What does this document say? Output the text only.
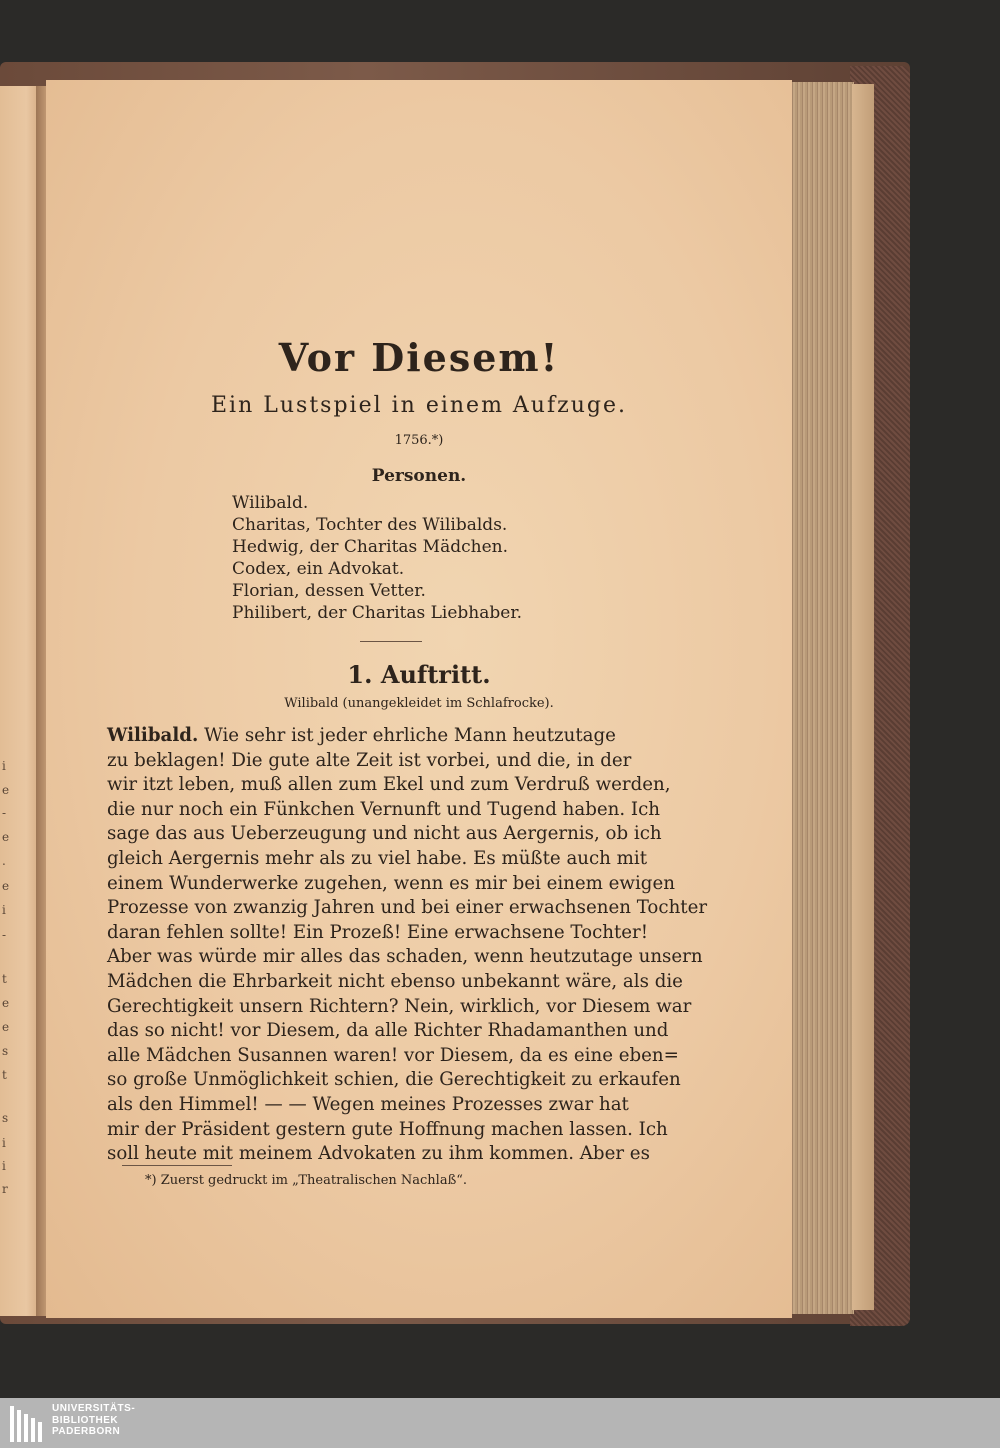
i
e
-
e
.
e
i
-
t
e
e
s
t
s
i
i
r
Vor Diesem!
Ein Lustspiel in einem Aufzuge.
1756.*)
Personen.
Wilibald.
Charitas, Tochter des Wilibalds.
Hedwig, der Charitas Mädchen.
Codex, ein Advokat.
Florian, dessen Vetter.
Philibert, der Charitas Liebhaber.
1. Auftritt.
Wilibald (unangekleidet im Schlafrocke).
Wilibald. Wie sehr ist jeder ehrliche Mann heutzutage
zu beklagen! Die gute alte Zeit ist vorbei, und die, in der
wir itzt leben, muß allen zum Ekel und zum Verdruß werden,
die nur noch ein Fünkchen Vernunft und Tugend haben. Ich
sage das aus Ueberzeugung und nicht aus Aergernis, ob ich
gleich Aergernis mehr als zu viel habe. Es müßte auch mit
einem Wunderwerke zugehen, wenn es mir bei einem ewigen
Prozesse von zwanzig Jahren und bei einer erwachsenen Tochter
daran fehlen sollte! Ein Prozeß! Eine erwachsene Tochter!
Aber was würde mir alles das schaden, wenn heutzutage unsern
Mädchen die Ehrbarkeit nicht ebenso unbekannt wäre, als die
Gerechtigkeit unsern Richtern? Nein, wirklich, vor Diesem war
das so nicht! vor Diesem, da alle Richter Rhadamanthen und
alle Mädchen Susannen waren! vor Diesem, da es eine eben=
so große Unmöglichkeit schien, die Gerechtigkeit zu erkaufen
als den Himmel! — — Wegen meines Prozesses zwar hat
mir der Präsident gestern gute Hoffnung machen lassen. Ich
soll heute mit meinem Advokaten zu ihm kommen. Aber es
*) Zuerst gedruckt im „Theatralischen Nachlaß“.
UNIVERSITÄTS-
BIBLIOTHEK
PADERBORN
